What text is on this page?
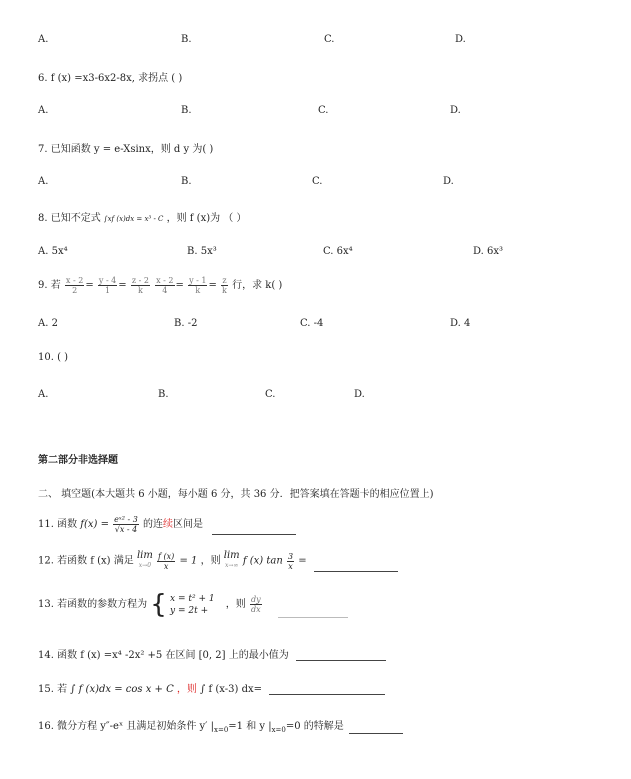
A.	B.	C.	D.
6. f (x) =x3-6x2-8x, 求拐点 ( )
A.	B.	C.	D.
7. 已知函数 y = e-Xsinx，则 d y 为( )
A.	B.	C.	D.
8. 已知不定式 ∫xf (x)dx = x³ - C ，则 f (x)为 （ ）
A. 5x⁴	B. 5x³	C. 6x⁴	D. 6x³
9. 若 $\frac{x - 2}{2} = \frac{y - 4}{1} = \frac{z - 2}{k}$
$\frac{x - 2}{4} = \frac{y - 1}{k} = \frac{z}{k}$ 行，求 k( )
A. 2	B. -2	C. -4	D. 4
10. ( )
A.	B.	C.	D.
第二部分非选择题
二、 填空题(本大题共 6 小题，每小题 6 分，共 36 分．把答案填在答题卡的相应位置上)
11. 函数 $f(x) = \frac{\text{eˣ² - 3}}{√x - 4}$ 的连续区间是
12. 若函数 f (x) 满足 lim
x→0
$\frac{f (x)}{x} = 1$ ，则 lim
x→∞ f (x) $\tan \frac{3}{x}$ =
13. 若函数的参数方程为 { x = t² + 1
y = 2t +
，则 $\frac{dy}{dx}$

14. 函数 f (x) =x⁴ -2x² +5 在区间 [0, 2] 上的最小值为
15. 若 ∫ f (x)dx = cos x + C ，则 ∫ f (x-3) dx=
16. 微分方程 y″-eˣ 且满足初始条件 y′ $|_{x=0}=1$ 和 y $|_{x=0}=0$ 的特解是
